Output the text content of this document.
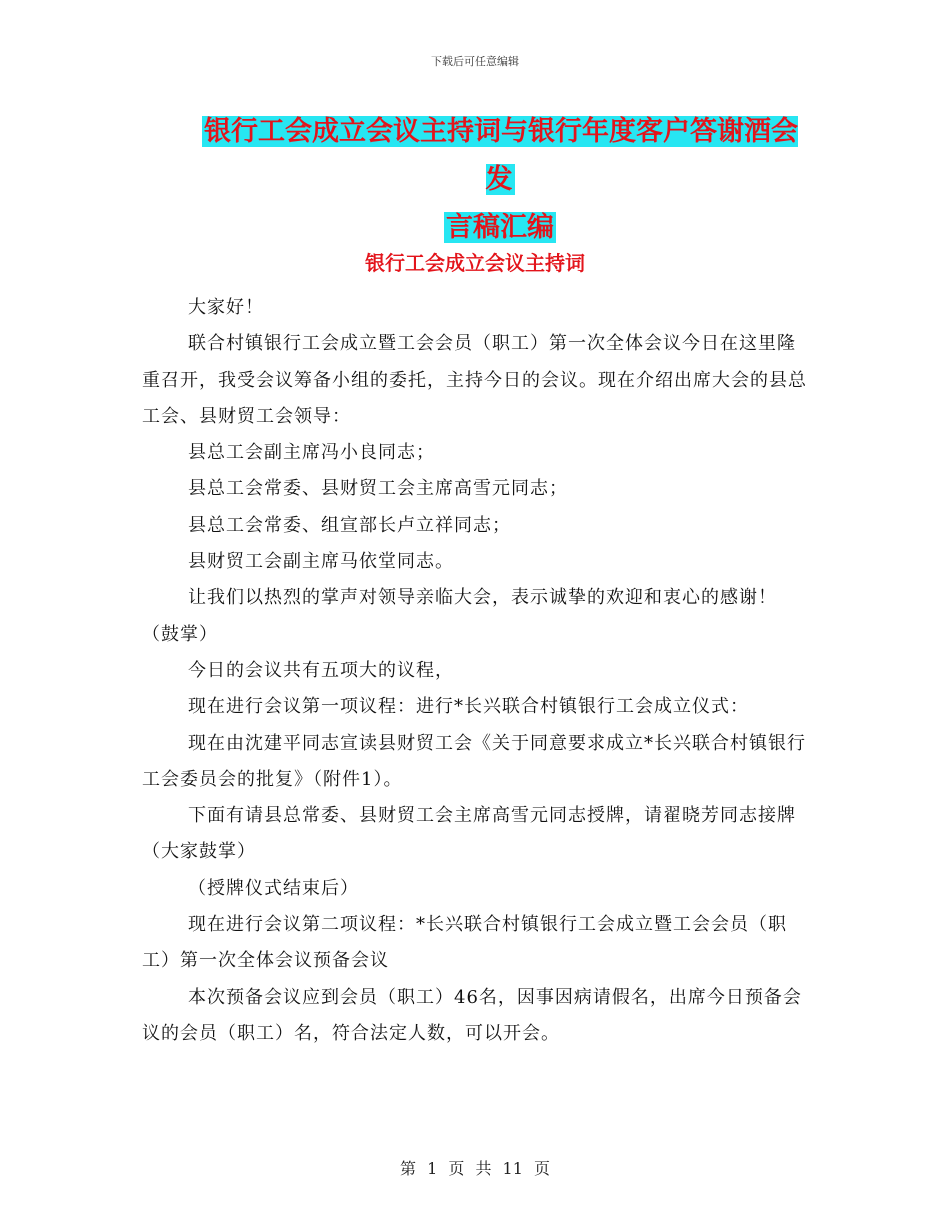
下载后可任意编辑
银行工会成立会议主持词与银行年度客户答谢酒会发
言稿汇编
银行工会成立会议主持词

大家好！

联合村镇银行工会成立暨工会会员（职工）第一次全体会议今日在这里隆重召开，我受会议筹备小组的委托，主持今日的会议。现在介绍出席大会的县总工会、县财贸工会领导：

县总工会副主席冯小良同志；

县总工会常委、县财贸工会主席高雪元同志；

县总工会常委、组宣部长卢立祥同志；

县财贸工会副主席马依堂同志。

让我们以热烈的掌声对领导亲临大会，表示诚挚的欢迎和衷心的感谢！（鼓掌）

今日的会议共有五项大的议程，

现在进行会议第一项议程：进行*长兴联合村镇银行工会成立仪式：

现在由沈建平同志宣读县财贸工会《关于同意要求成立*长兴联合村镇银行工会委员会的批复》（附件1）。

下面有请县总常委、县财贸工会主席高雪元同志授牌，请翟晓芳同志接牌（大家鼓掌）

（授牌仪式结束后）

现在进行会议第二项议程：*长兴联合村镇银行工会成立暨工会会员（职工）第一次全体会议预备会议

本次预备会议应到会员（职工）46名，因事因病请假名，出席今日预备会议的会员（职工）名，符合法定人数，可以开会。

第 1 页 共 11 页
